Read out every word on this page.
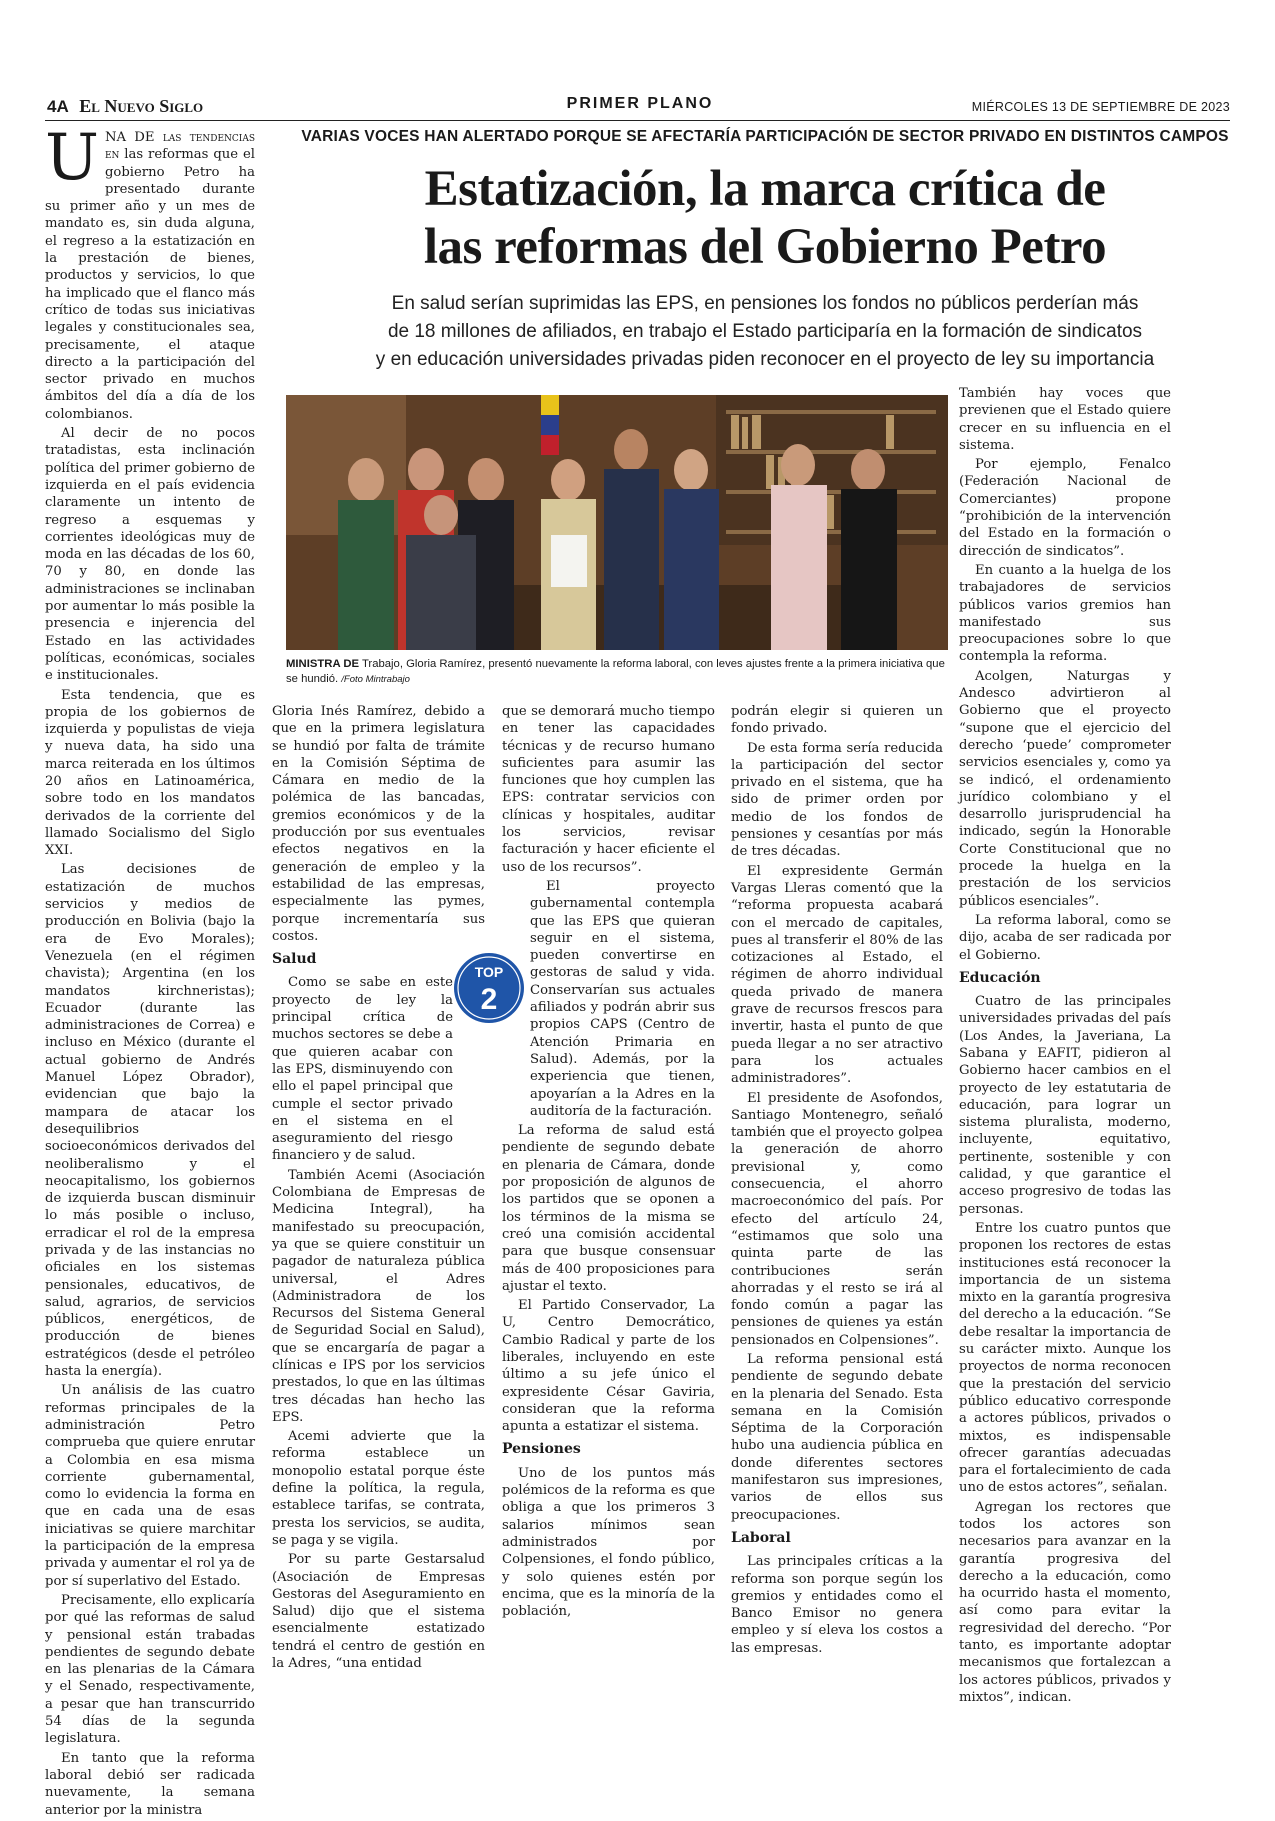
4A El Nuevo Siglo	PRIMER PLANO	MIÉRCOLES 13 DE SEPTIEMBRE DE 2023
VARIAS VOCES HAN ALERTADO PORQUE SE AFECTARÍA PARTICIPACIÓN DE SECTOR PRIVADO EN DISTINTOS CAMPOS
Estatización, la marca crítica de
las reformas del Gobierno Petro
En salud serían suprimidas las EPS, en pensiones los fondos no públicos perderían más
de 18 millones de afiliados, en trabajo el Estado participaría en la formación de sindicatos
y en educación universidades privadas piden reconocer en el proyecto de ley su importancia

UNA DE las tendencias en las reformas que el gobierno Petro ha presentado durante su primer año y un mes de mandato es, sin duda alguna, el regreso a la estatización en la prestación de bienes, productos y servicios, lo que ha implicado que el flanco más crítico de todas sus iniciativas legales y constitucionales sea, precisamente, el ataque directo a la participación del sector privado en muchos ámbitos del día a día de los colombianos.

Al decir de no pocos tratadistas, esta inclinación política del primer gobierno de izquierda en el país evidencia claramente un intento de regreso a esquemas y corrientes ideológicas muy de moda en las décadas de los 60, 70 y 80, en donde las administraciones se inclinaban por aumentar lo más posible la presencia e injerencia del Estado en las actividades políticas, económicas, sociales e institucionales.

Esta tendencia, que es propia de los gobiernos de izquierda y populistas de vieja y nueva data, ha sido una marca reiterada en los últimos 20 años en Latinoamérica, sobre todo en los mandatos derivados de la corriente del llamado Socialismo del Siglo XXI.

Las decisiones de estatización de muchos servicios y medios de producción en Bolivia (bajo la era de Evo Morales); Venezuela (en el régimen chavista); Argentina (en los mandatos kirchneristas); Ecuador (durante las administraciones de Correa) e incluso en México (durante el actual gobierno de Andrés Manuel López Obrador), evidencian que bajo la mampara de atacar los desequilibrios socioeconómicos derivados del neoliberalismo y el neocapitalismo, los gobiernos de izquierda buscan disminuir lo más posible o incluso, erradicar el rol de la empresa privada y de las instancias no oficiales en los sistemas pensionales, educativos, de salud, agrarios, de servicios públicos, energéticos, de producción de bienes estratégicos (desde el petróleo hasta la energía).

Un análisis de las cuatro reformas principales de la administración Petro comprueba que quiere enrutar a Colombia en esa misma corriente gubernamental, como lo evidencia la forma en que en cada una de esas iniciativas se quiere marchitar la participación de la empresa privada y aumentar el rol ya de por sí superlativo del Estado.

Precisamente, ello explicaría por qué las reformas de salud y pensional están trabadas pendientes de segundo debate en las plenarias de la Cámara y el Senado, respectivamente, a pesar que han transcurrido 54 días de la segunda legislatura.

En tanto que la reforma laboral debió ser radicada nuevamente, la semana anterior por la ministra

MINISTRA DE Trabajo, Gloria Ramírez, presentó nuevamente la reforma laboral, con leves ajustes frente a la primera iniciativa que se hundió. /Foto Mintrabajo

Gloria Inés Ramírez, debido a que en la primera legislatura se hundió por falta de trámite en la Comisión Séptima de Cámara en medio de la polémica de las bancadas, gremios económicos y de la producción por sus eventuales efectos negativos en la generación de empleo y la estabilidad de las empresas, especialmente las pymes, porque incrementaría sus costos.

Salud

Como se sabe en este proyecto de ley la principal crítica de muchos sectores se debe a que quieren acabar con las EPS, disminuyendo con ello el papel principal que cumple el sector privado en el sistema en el aseguramiento del riesgo financiero y de salud.

También Acemi (Asociación Colombiana de Empresas de Medicina Integral), ha manifestado su preocupación, ya que se quiere constituir un pagador de naturaleza pública universal, el Adres (Administradora de los Recursos del Sistema General de Seguridad Social en Salud), que se encargaría de pagar a clínicas e IPS por los servicios prestados, lo que en las últimas tres décadas han hecho las EPS.

Acemi advierte que la reforma establece un monopolio estatal porque éste define la política, la regula, establece tarifas, se contrata, presta los servicios, se audita, se paga y se vigila.

Por su parte Gestarsalud (Asociación de Empresas Gestoras del Aseguramiento en Salud) dijo que el sistema esencialmente estatizado tendrá el centro de gestión en la Adres, “una entidad

TOP
2

que se demorará mucho tiempo en tener las capacidades técnicas y de recurso humano suficientes para asumir las funciones que hoy cumplen las EPS: contratar servicios con clínicas y hospitales, auditar los servicios, revisar facturación y hacer eficiente el uso de los recursos”.

El proyecto gubernamental contempla que las EPS que quieran seguir en el sistema, pueden convertirse en gestoras de salud y vida. Conservarían sus actuales afiliados y podrán abrir sus propios CAPS (Centro de Atención Primaria en Salud). Además, por la experiencia que tienen, apoyarían a la Adres en la auditoría de la facturación.

La reforma de salud está pendiente de segundo debate en plenaria de Cámara, donde por proposición de algunos de los partidos que se oponen a los términos de la misma se creó una comisión accidental para que busque consensuar más de 400 proposiciones para ajustar el texto.

El Partido Conservador, La U, Centro Democrático, Cambio Radical y parte de los liberales, incluyendo en este último a su jefe único el expresidente César Gaviria, consideran que la reforma apunta a estatizar el sistema.

Pensiones

Uno de los puntos más polémicos de la reforma es que obliga a que los primeros 3 salarios mínimos sean administrados por Colpensiones, el fondo público, y solo quienes estén por encima, que es la minoría de la población,

podrán elegir si quieren un fondo privado.

De esta forma sería reducida la participación del sector privado en el sistema, que ha sido de primer orden por medio de los fondos de pensiones y cesantías por más de tres décadas.

El expresidente Germán Vargas Lleras comentó que la “reforma propuesta acabará con el mercado de capitales, pues al transferir el 80% de las cotizaciones al Estado, el régimen de ahorro individual queda privado de manera grave de recursos frescos para invertir, hasta el punto de que pueda llegar a no ser atractivo para los actuales administradores”.

El presidente de Asofondos, Santiago Montenegro, señaló también que el proyecto golpea la generación de ahorro previsional y, como consecuencia, el ahorro macroeconómico del país. Por efecto del artículo 24, “estimamos que solo una quinta parte de las contribuciones serán ahorradas y el resto se irá al fondo común a pagar las pensiones de quienes ya están pensionados en Colpensiones”.

La reforma pensional está pendiente de segundo debate en la plenaria del Senado. Esta semana en la Comisión Séptima de la Corporación hubo una audiencia pública en donde diferentes sectores manifestaron sus impresiones, varios de ellos sus preocupaciones.

Laboral

Las principales críticas a la reforma son porque según los gremios y entidades como el Banco Emisor no genera empleo y sí eleva los costos a las empresas.

También hay voces que previenen que el Estado quiere crecer en su influencia en el sistema.

Por ejemplo, Fenalco (Federación Nacional de Comerciantes) propone “prohibición de la intervención del Estado en la formación o dirección de sindicatos”.

En cuanto a la huelga de los trabajadores de servicios públicos varios gremios han manifestado sus preocupaciones sobre lo que contempla la reforma.

Acolgen, Naturgas y Andesco advirtieron al Gobierno que el proyecto “supone que el ejercicio del derecho ‘puede’ comprometer servicios esenciales y, como ya se indicó, el ordenamiento jurídico colombiano y el desarrollo jurisprudencial ha indicado, según la Honorable Corte Constitucional que no procede la huelga en la prestación de los servicios públicos esenciales”.

La reforma laboral, como se dijo, acaba de ser radicada por el Gobierno.

Educación

Cuatro de las principales universidades privadas del país (Los Andes, la Javeriana, La Sabana y EAFIT, pidieron al Gobierno hacer cambios en el proyecto de ley estatutaria de educación, para lograr un sistema pluralista, moderno, incluyente, equitativo, pertinente, sostenible y con calidad, y que garantice el acceso progresivo de todas las personas.

Entre los cuatro puntos que proponen los rectores de estas instituciones está reconocer la importancia de un sistema mixto en la garantía progresiva del derecho a la educación. “Se debe resaltar la importancia de su carácter mixto. Aunque los proyectos de norma reconocen que la prestación del servicio público educativo corresponde a actores públicos, privados o mixtos, es indispensable ofrecer garantías adecuadas para el fortalecimiento de cada uno de estos actores”, señalan.

Agregan los rectores que todos los actores son necesarios para avanzar en la garantía progresiva del derecho a la educación, como ha ocurrido hasta el momento, así como para evitar la regresividad del derecho. “Por tanto, es importante adoptar mecanismos que fortalezcan a los actores públicos, privados y mixtos”, indican.
